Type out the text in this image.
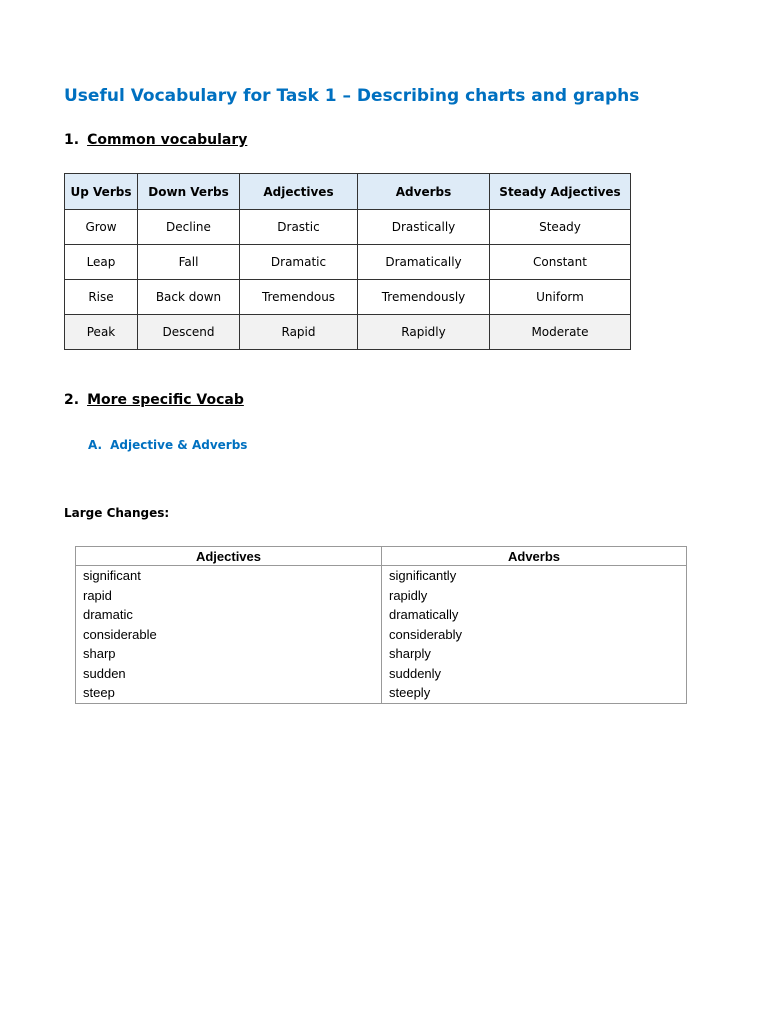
Useful Vocabulary for Task 1 – Describing charts and graphs
1. Common vocabulary
Up Verbs	Down Verbs	Adjectives	Adverbs	Steady Adjectives
Grow	Decline	Drastic	Drastically	Steady
Leap	Fall	Dramatic	Dramatically	Constant
Rise	Back down	Tremendous	Tremendously	Uniform
Peak	Descend	Rapid	Rapidly	Moderate
2. More specific Vocab
A. Adjective & Adverbs
Large Changes:
Adjectives	Adverbs
significant	significantly
rapid	rapidly
dramatic	dramatically
considerable	considerably
sharp	sharply
sudden	suddenly
steep	steeply
